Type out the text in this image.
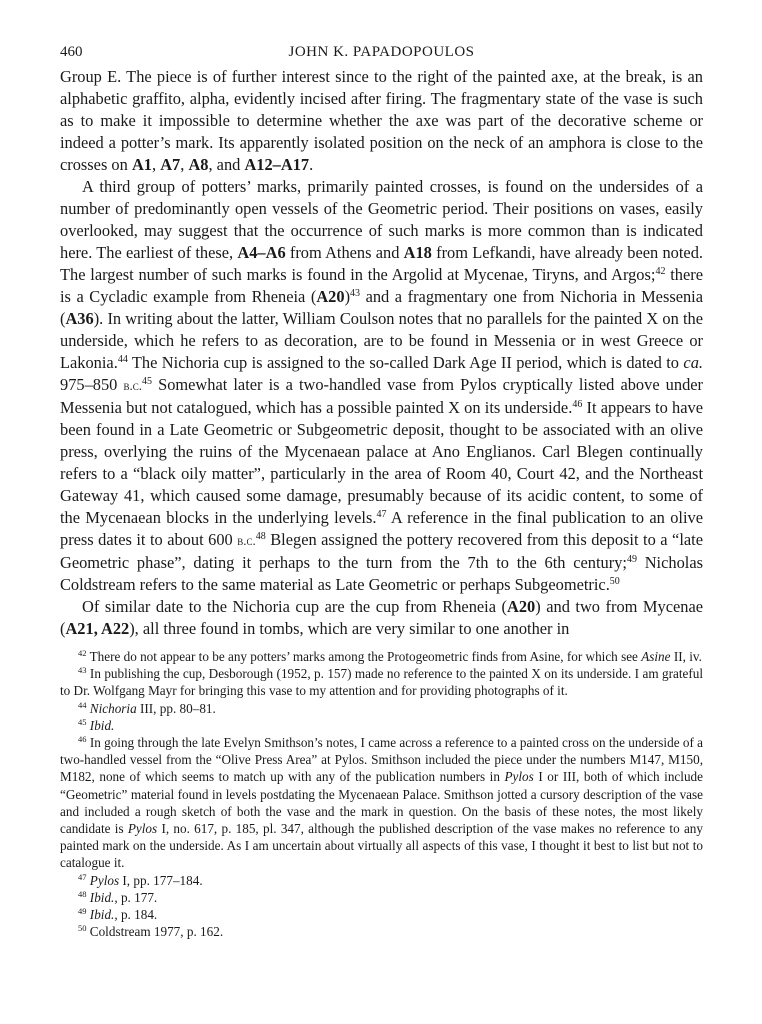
460	JOHN K. PAPADOPOULOS

Group E. The piece is of further interest since to the right of the painted axe, at the break, is an alphabetic graffito, alpha, evidently incised after firing. The fragmentary state of the vase is such as to make it impossible to determine whether the axe was part of the decorative scheme or indeed a potter’s mark. Its apparently isolated position on the neck of an amphora is close to the crosses on A1, A7, A8, and A12–A17.

A third group of potters’ marks, primarily painted crosses, is found on the undersides of a number of predominantly open vessels of the Geometric period. Their positions on vases, easily overlooked, may suggest that the occurrence of such marks is more common than is indicated here. The earliest of these, A4–A6 from Athens and A18 from Lefkandi, have already been noted. The largest number of such marks is found in the Argolid at Mycenae, Tiryns, and Argos;$^{42}$ there is a Cycladic example from Rheneia $(A20)^{43}$ and a fragmentary one from Nichoria in Messenia (A36). In writing about the latter, William Coulson notes that no parallels for the painted X on the underside, which he refers to as decoration, are to be found in Messenia or in west Greece or Lakonia.$^{44}$ The Nichoria cup is assigned to the so-called Dark Age II period, which is dated to ca. 975–850 b.c.$^{45}$ Somewhat later is a two-handled vase from Pylos cryptically listed above under Messenia but not catalogued, which has a possible painted X on its underside.$^{46}$ It appears to have been found in a Late Geometric or Subgeometric deposit, thought to be associated with an olive press, overlying the ruins of the Mycenaean palace at Ano Englianos. Carl Blegen continually refers to a “black oily matter”, particularly in the area of Room 40, Court 42, and the Northeast Gateway 41, which caused some damage, presumably because of its acidic content, to some of the Mycenaean blocks in the underlying levels.$^{47}$ A reference in the final publication to an olive press dates it to about 600 b.c.$^{48}$ Blegen assigned the pottery recovered from this deposit to a “late Geometric phase”, dating it perhaps to the turn from the 7th to the 6th century;$^{49}$ Nicholas Coldstream refers to the same material as Late Geometric or perhaps Subgeometric.$^{50}$

Of similar date to the Nichoria cup are the cup from Rheneia (A20) and two from Mycenae (A21, A22), all three found in tombs, which are very similar to one another in

$^{42}$ There do not appear to be any potters’ marks among the Protogeometric finds from Asine, for which see Asine II, iv.

$^{43}$ In publishing the cup, Desborough (1952, p. 157) made no reference to the painted X on its underside. I am grateful to Dr. Wolfgang Mayr for bringing this vase to my attention and for providing photographs of it.

$^{44}$ Nichoria III, pp. 80–81.

$^{45}$ Ibid.

$^{46}$ In going through the late Evelyn Smithson’s notes, I came across a reference to a painted cross on the underside of a two-handled vessel from the “Olive Press Area” at Pylos. Smithson included the piece under the numbers M147, M150, M182, none of which seems to match up with any of the publication numbers in Pylos I or III, both of which include “Geometric” material found in levels postdating the Mycenaean Palace. Smithson jotted a cursory description of the vase and included a rough sketch of both the vase and the mark in question. On the basis of these notes, the most likely candidate is Pylos I, no. 617, p. 185, pl. 347, although the published description of the vase makes no reference to any painted mark on the underside. As I am uncertain about virtually all aspects of this vase, I thought it best to list but not to catalogue it.

$^{47}$ Pylos I, pp. 177–184.

$^{48}$ Ibid., p. 177.

$^{49}$ Ibid., p. 184.

$^{50}$ Coldstream 1977, p. 162.
